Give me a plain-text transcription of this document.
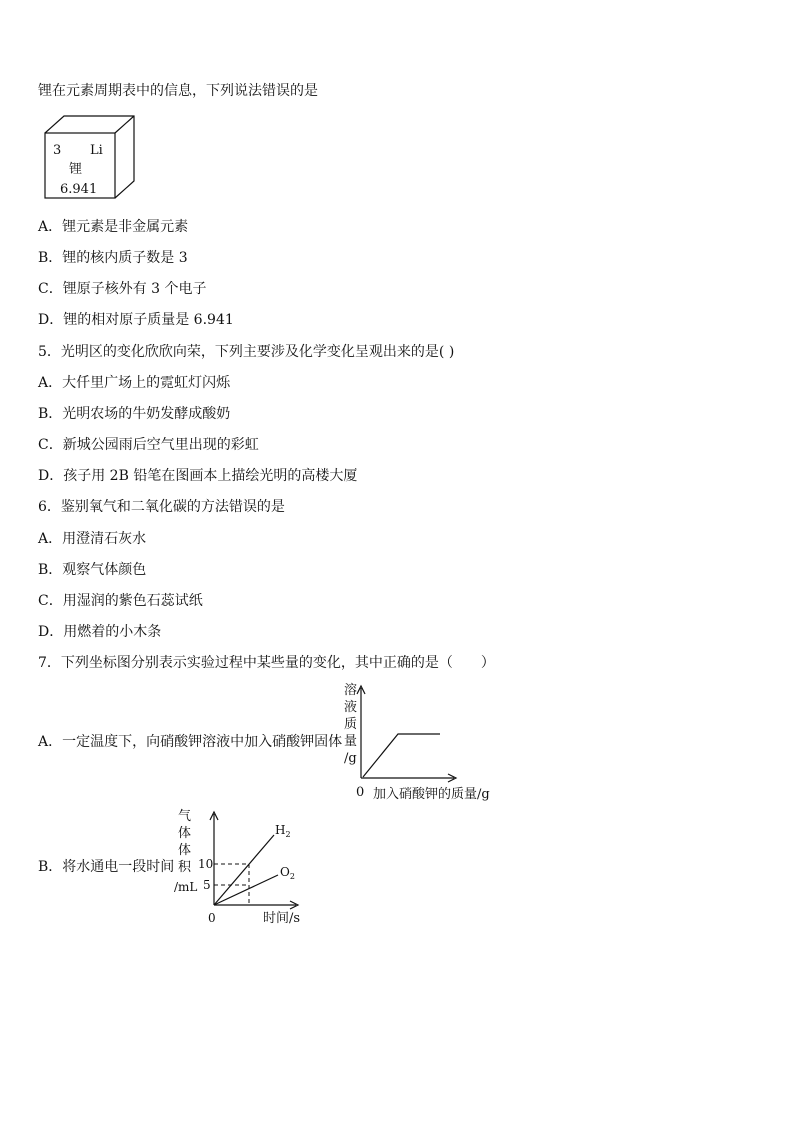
锂在元素周期表中的信息，下列说法错误的是
3 Li
锂
6.941
A．锂元素是非金属元素
B．锂的核内质子数是 3
C．锂原子核外有 3 个电子
D．锂的相对原子质量是 6.941
5．光明区的变化欣欣向荣，下列主要涉及化学变化呈观出来的是( )
A．大仟里广场上的霓虹灯闪烁
B．光明农场的牛奶发酵成酸奶
C．新城公园雨后空气里出现的彩虹
D．孩子用 2B 铅笔在图画本上描绘光明的高楼大厦
6．鉴别氧气和二氧化碳的方法错误的是
A．用澄清石灰水
B．观察气体颜色
C．用湿润的紫色石蕊试纸
D．用燃着的小木条
7．下列坐标图分别表示实验过程中某些量的变化，其中正确的是（　　）
A．一定温度下，向硝酸钾溶液中加入硝酸钾固体
溶
液
质
量
/g
0 加入硝酸钾的质量/g
B．将水通电一段时间
气
体
体
积
/mL
10
5
0	时间/s
$H_2$
$O_2$
